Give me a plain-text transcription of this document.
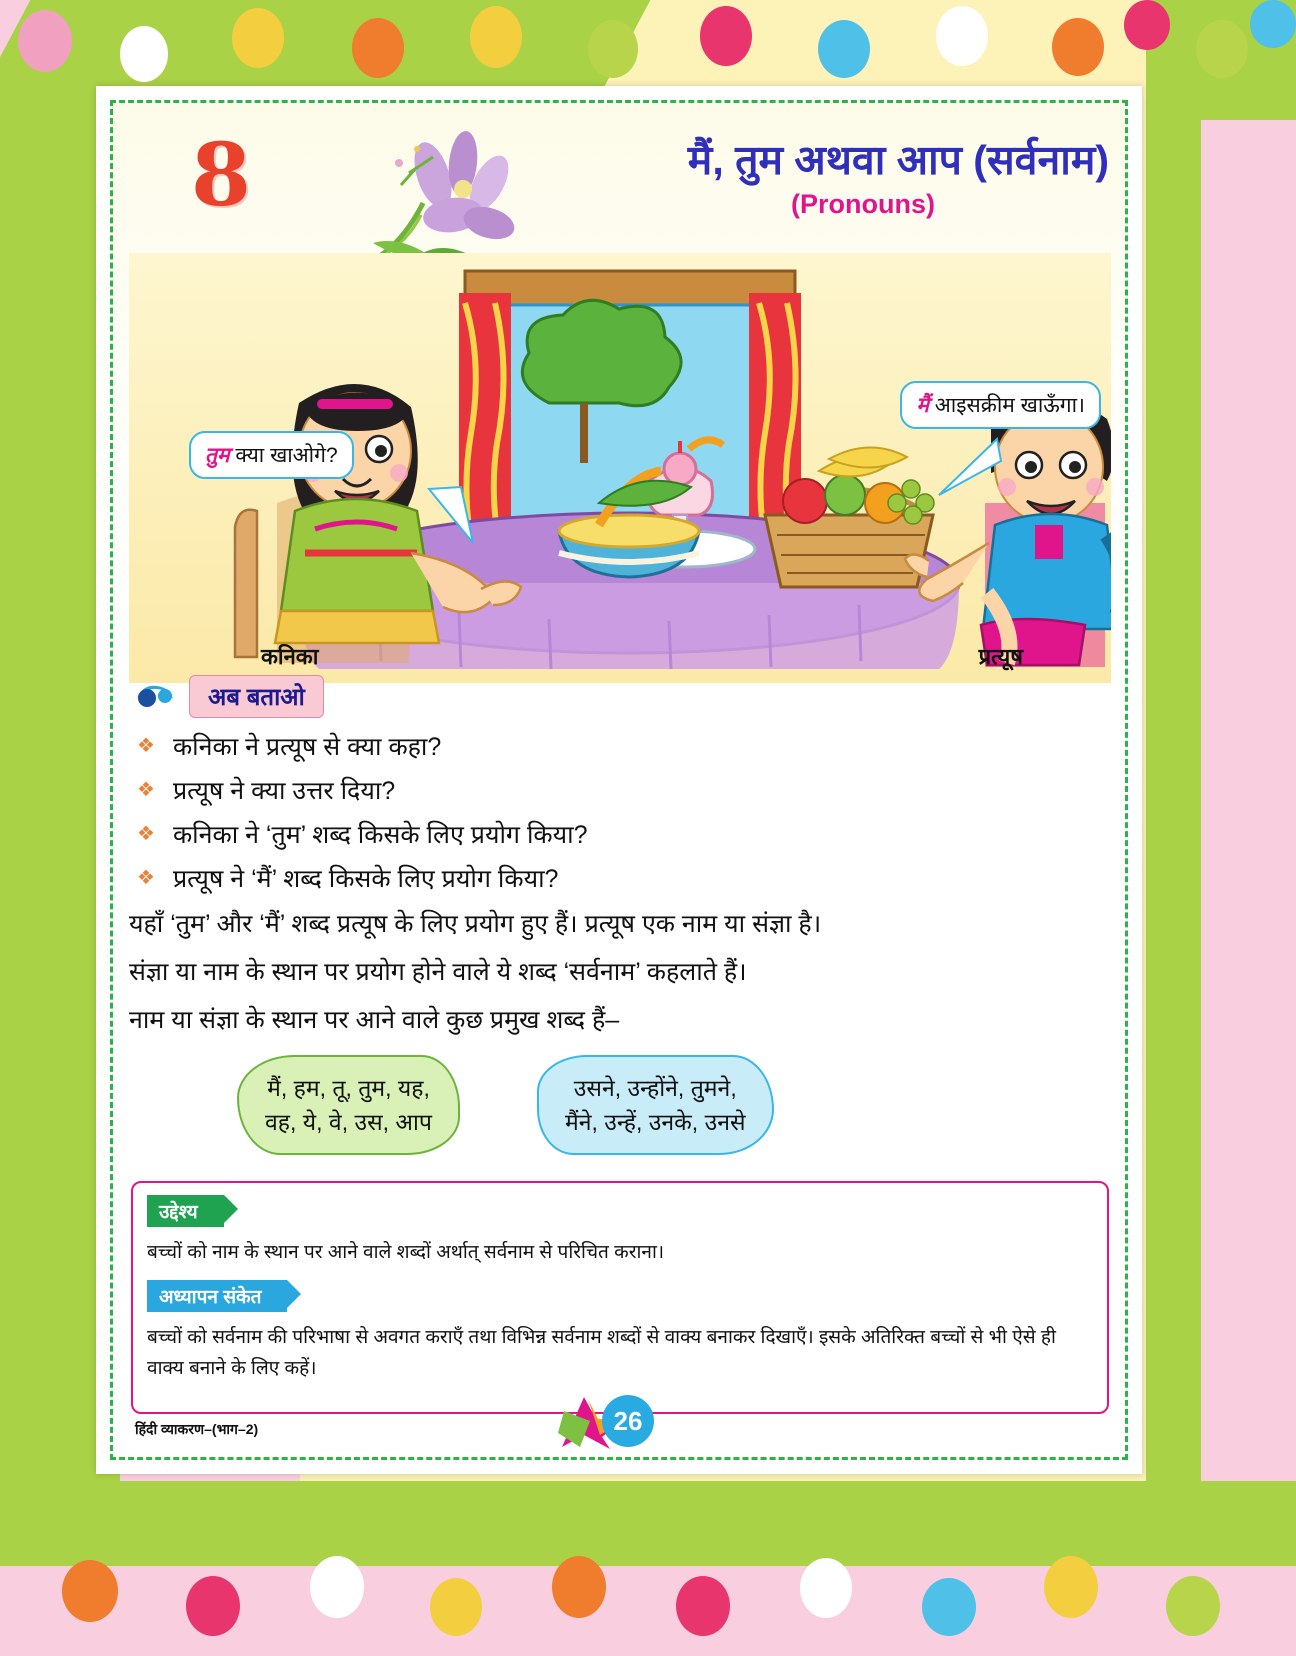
8	मैं, तुम अथवा आप (सर्वनाम)
(Pronouns)
तुम क्या खाओगे?
मैं आइसक्रीम खाऊँगा।
कनिका	प्रत्यूष
अब बताओ
❖ कनिका ने प्रत्यूष से क्या कहा?
❖ प्रत्यूष ने क्या उत्तर दिया?
❖ कनिका ने ‘तुम’ शब्द किसके लिए प्रयोग किया?
❖ प्रत्यूष ने ‘मैं’ शब्द किसके लिए प्रयोग किया?

यहाँ ‘तुम’ और ‘मैं’ शब्द प्रत्यूष के लिए प्रयोग हुए हैं। प्रत्यूष एक नाम या संज्ञा है।

संज्ञा या नाम के स्थान पर प्रयोग होने वाले ये शब्द ‘सर्वनाम’ कहलाते हैं।

नाम या संज्ञा के स्थान पर आने वाले कुछ प्रमुख शब्द हैं–

मैं, हम, तू, तुम, यह,
वह, ये, वे, उस, आप
उसने, उन्होंने, तुमने,
मैंने, उन्हें, उनके, उनसे
उद्देश्य

बच्चों को नाम के स्थान पर आने वाले शब्दों अर्थात् सर्वनाम से परिचित कराना।

अध्यापन संकेत

बच्चों को सर्वनाम की परिभाषा से अवगत कराएँ तथा विभिन्न सर्वनाम शब्दों से वाक्य बनाकर दिखाएँ। इसके अतिरिक्त बच्चों से भी ऐसे ही वाक्य बनाने के लिए कहें।

हिंदी व्याकरण–(भाग–2)	26
